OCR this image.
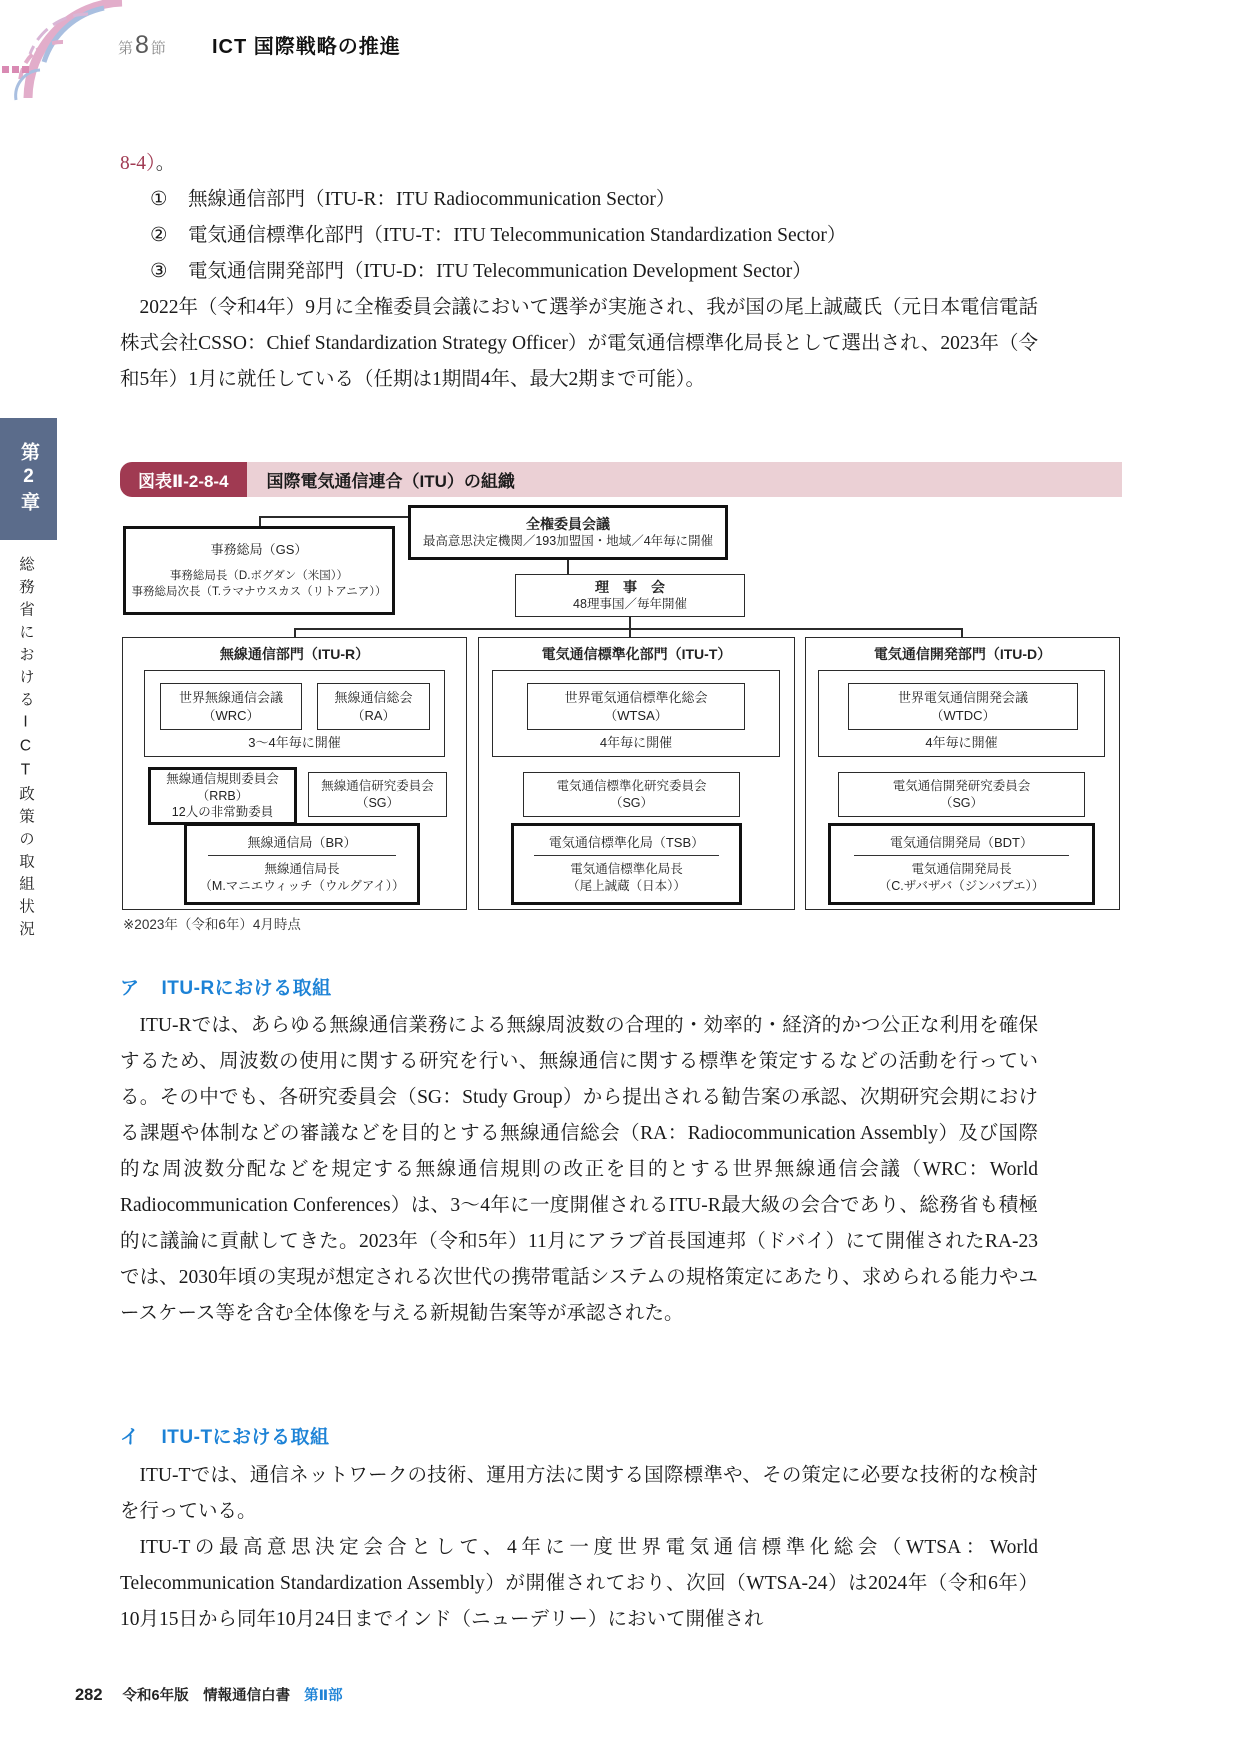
第8 節 ICT 国際戦略の推進
第2章
総務省におけるICT政策の取組状況
8-4）。
①	無線通信部門（ITU-R：ITU Radiocommunication Sector）
②	電気通信標準化部門（ITU-T：ITU Telecommunication Standardization Sector）
③	電気通信開発部門（ITU-D：ITU Telecommunication Development Sector）
2022年（令和4年）9月に全権委員会議において選挙が実施され、我が国の尾上誠蔵氏（元日本電信電話株式会社CSSO：Chief Standardization Strategy Officer）が電気通信標準化局長として選出され、2023年（令和5年）1月に就任している（任期は1期間4年、最大2期まで可能）。
図表Ⅱ-2-8-4	国際電気通信連合（ITU）の組織
全権委員会議
最高意思決定機関／193加盟国・地域／4年毎に開催
事務総局（GS）
事務総局長（D.ボグダン（米国））
事務総局次長（T.ラマナウスカス（リトアニア））	理　事　会
48理事国／毎年開催
無線通信部門（ITU-R）	電気通信標準化部門（ITU-T）	電気通信開発部門（ITU-D）
3～4年毎に開催
世界無線通信会議
（WRC）
無線通信総会
（RA）
無線通信規則委員会
（RRB）
12人の非常勤委員
無線通信研究委員会
（SG）
無線通信局（BR）
無線通信局長
（M.マニエウィッチ（ウルグアイ））
4年毎に開催
世界電気通信標準化総会
（WTSA）
電気通信標準化研究委員会
（SG）
電気通信標準化局（TSB）
電気通信標準化局長
（尾上誠蔵（日本））
4年毎に開催
世界電気通信開発会議
（WTDC）
電気通信開発研究委員会
（SG）
電気通信開発局（BDT）
電気通信開発局長
（C.ザバザバ（ジンバブエ））
※2023年（令和6年）4月時点
ア ITU-Rにおける取組
ITU-Rでは、あらゆる無線通信業務による無線周波数の合理的・効率的・経済的かつ公正な利用を確保するため、周波数の使用に関する研究を行い、無線通信に関する標準を策定するなどの活動を行っている。その中でも、各研究委員会（SG：Study Group）から提出される勧告案の承認、次期研究会期における課題や体制などの審議などを目的とする無線通信総会（RA：Radiocommunication Assembly）及び国際的な周波数分配などを規定する無線通信規則の改正を目的とする世界無線通信会議（WRC：World Radiocommunication Conferences）は、3～4年に一度開催されるITU-R最大級の会合であり、総務省も積極的に議論に貢献してきた。2023年（令和5年）11月にアラブ首長国連邦（ドバイ）にて開催されたRA-23では、2030年頃の実現が想定される次世代の携帯電話システムの規格策定にあたり、求められる能力やユースケース等を含む全体像を与える新規勧告案等が承認された。
イ ITU-Tにおける取組
ITU-Tでは、通信ネットワークの技術、運用方法に関する国際標準や、その策定に必要な技術的な検討を行っている。
ITU-Tの最高意思決定会合として、4年に一度世界電気通信標準化総会（WTSA：World Telecommunication Standardization Assembly）が開催されており、次回（WTSA-24）は2024年（令和6年）10月15日から同年10月24日までインド（ニューデリー）において開催され
282 令和6年版　情報通信白書 第Ⅱ部
